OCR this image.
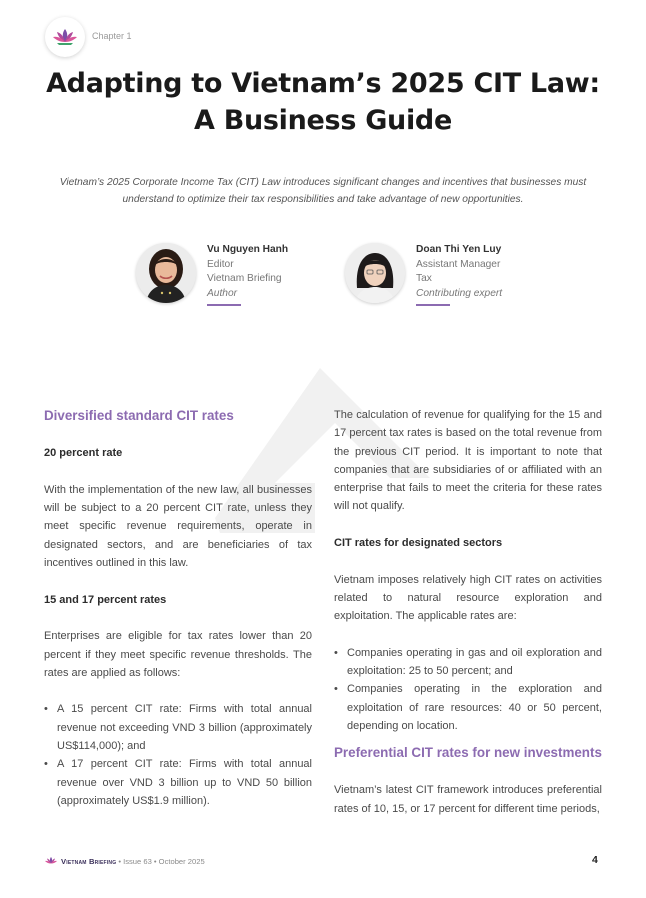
Chapter 1
Adapting to Vietnam’s 2025 CIT Law:
A Business Guide
Vietnam’s 2025 Corporate Income Tax (CIT) Law introduces significant changes and incentives that businesses must
understand to optimize their tax responsibilities and take advantage of new opportunities.
Vu Nguyen Hanh
Editor
Vietnam Briefing
Author
Doan Thi Yen Luy
Assistant Manager
Tax
Contributing expert
Diversified standard CIT rates
20 percent rate
With the implementation of the new law, all businesses will be subject to a 20 percent CIT rate, unless they meet specific revenue requirements, operate in designated sectors, and are beneficiaries of tax incentives outlined in this law.
15 and 17 percent rates
Enterprises are eligible for tax rates lower than 20 percent if they meet specific revenue thresholds. The rates are applied as follows:
• A 15 percent CIT rate: Firms with total annual revenue not exceeding VND 3 billion (approximately US$114,000); and
• A 17 percent CIT rate: Firms with total annual revenue over VND 3 billion up to VND 50 billion (approximately US$1.9 million).
The calculation of revenue for qualifying for the 15 and 17 percent tax rates is based on the total revenue from the previous CIT period. It is important to note that companies that are subsidiaries of or affiliated with an enterprise that fails to meet the criteria for these rates will not qualify.
CIT rates for designated sectors
Vietnam imposes relatively high CIT rates on activities related to natural resource exploration and exploitation. The applicable rates are:
• Companies operating in gas and oil exploration and exploitation: 25 to 50 percent; and
• Companies operating in the exploration and exploitation of rare resources: 40 or 50 percent, depending on location.
Preferential CIT rates for new investments
Vietnam’s latest CIT framework introduces preferential rates of 10, 15, or 17 percent for different time periods,
Vietnam Briefing • Issue 63 • October 2025	4
